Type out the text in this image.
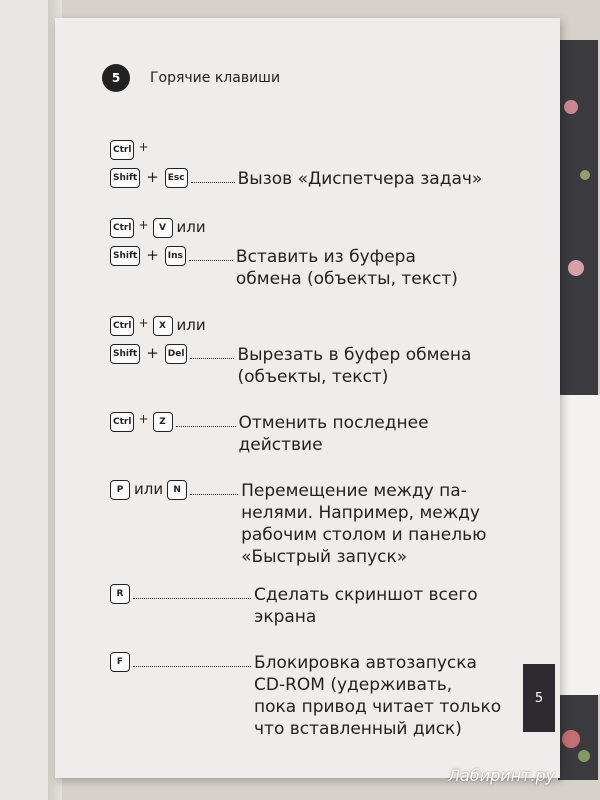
5
5	Горячие клавиши
Ctrl +
Shift +	Esc	Вызов «Диспетчера задач»
Ctrl +	V или
Shift +	Ins	Вставить из буфера
обмена (объекты, текст)
Ctrl +	X или
Shift +	Del	Вырезать в буфер обмена
(объекты, текст)
Ctrl +	Z	Отменить последнее
действие
P или	N	Перемещение между па-
нелями. Например, между
рабочим столом и панелью
«Быстрый запуск»
R	Сделать скриншот всего
экрана
F	Блокировка автозапуска
CD-ROM (удерживать,
пока привод читает только
что вставленный диск)
Лабиринт.ру
